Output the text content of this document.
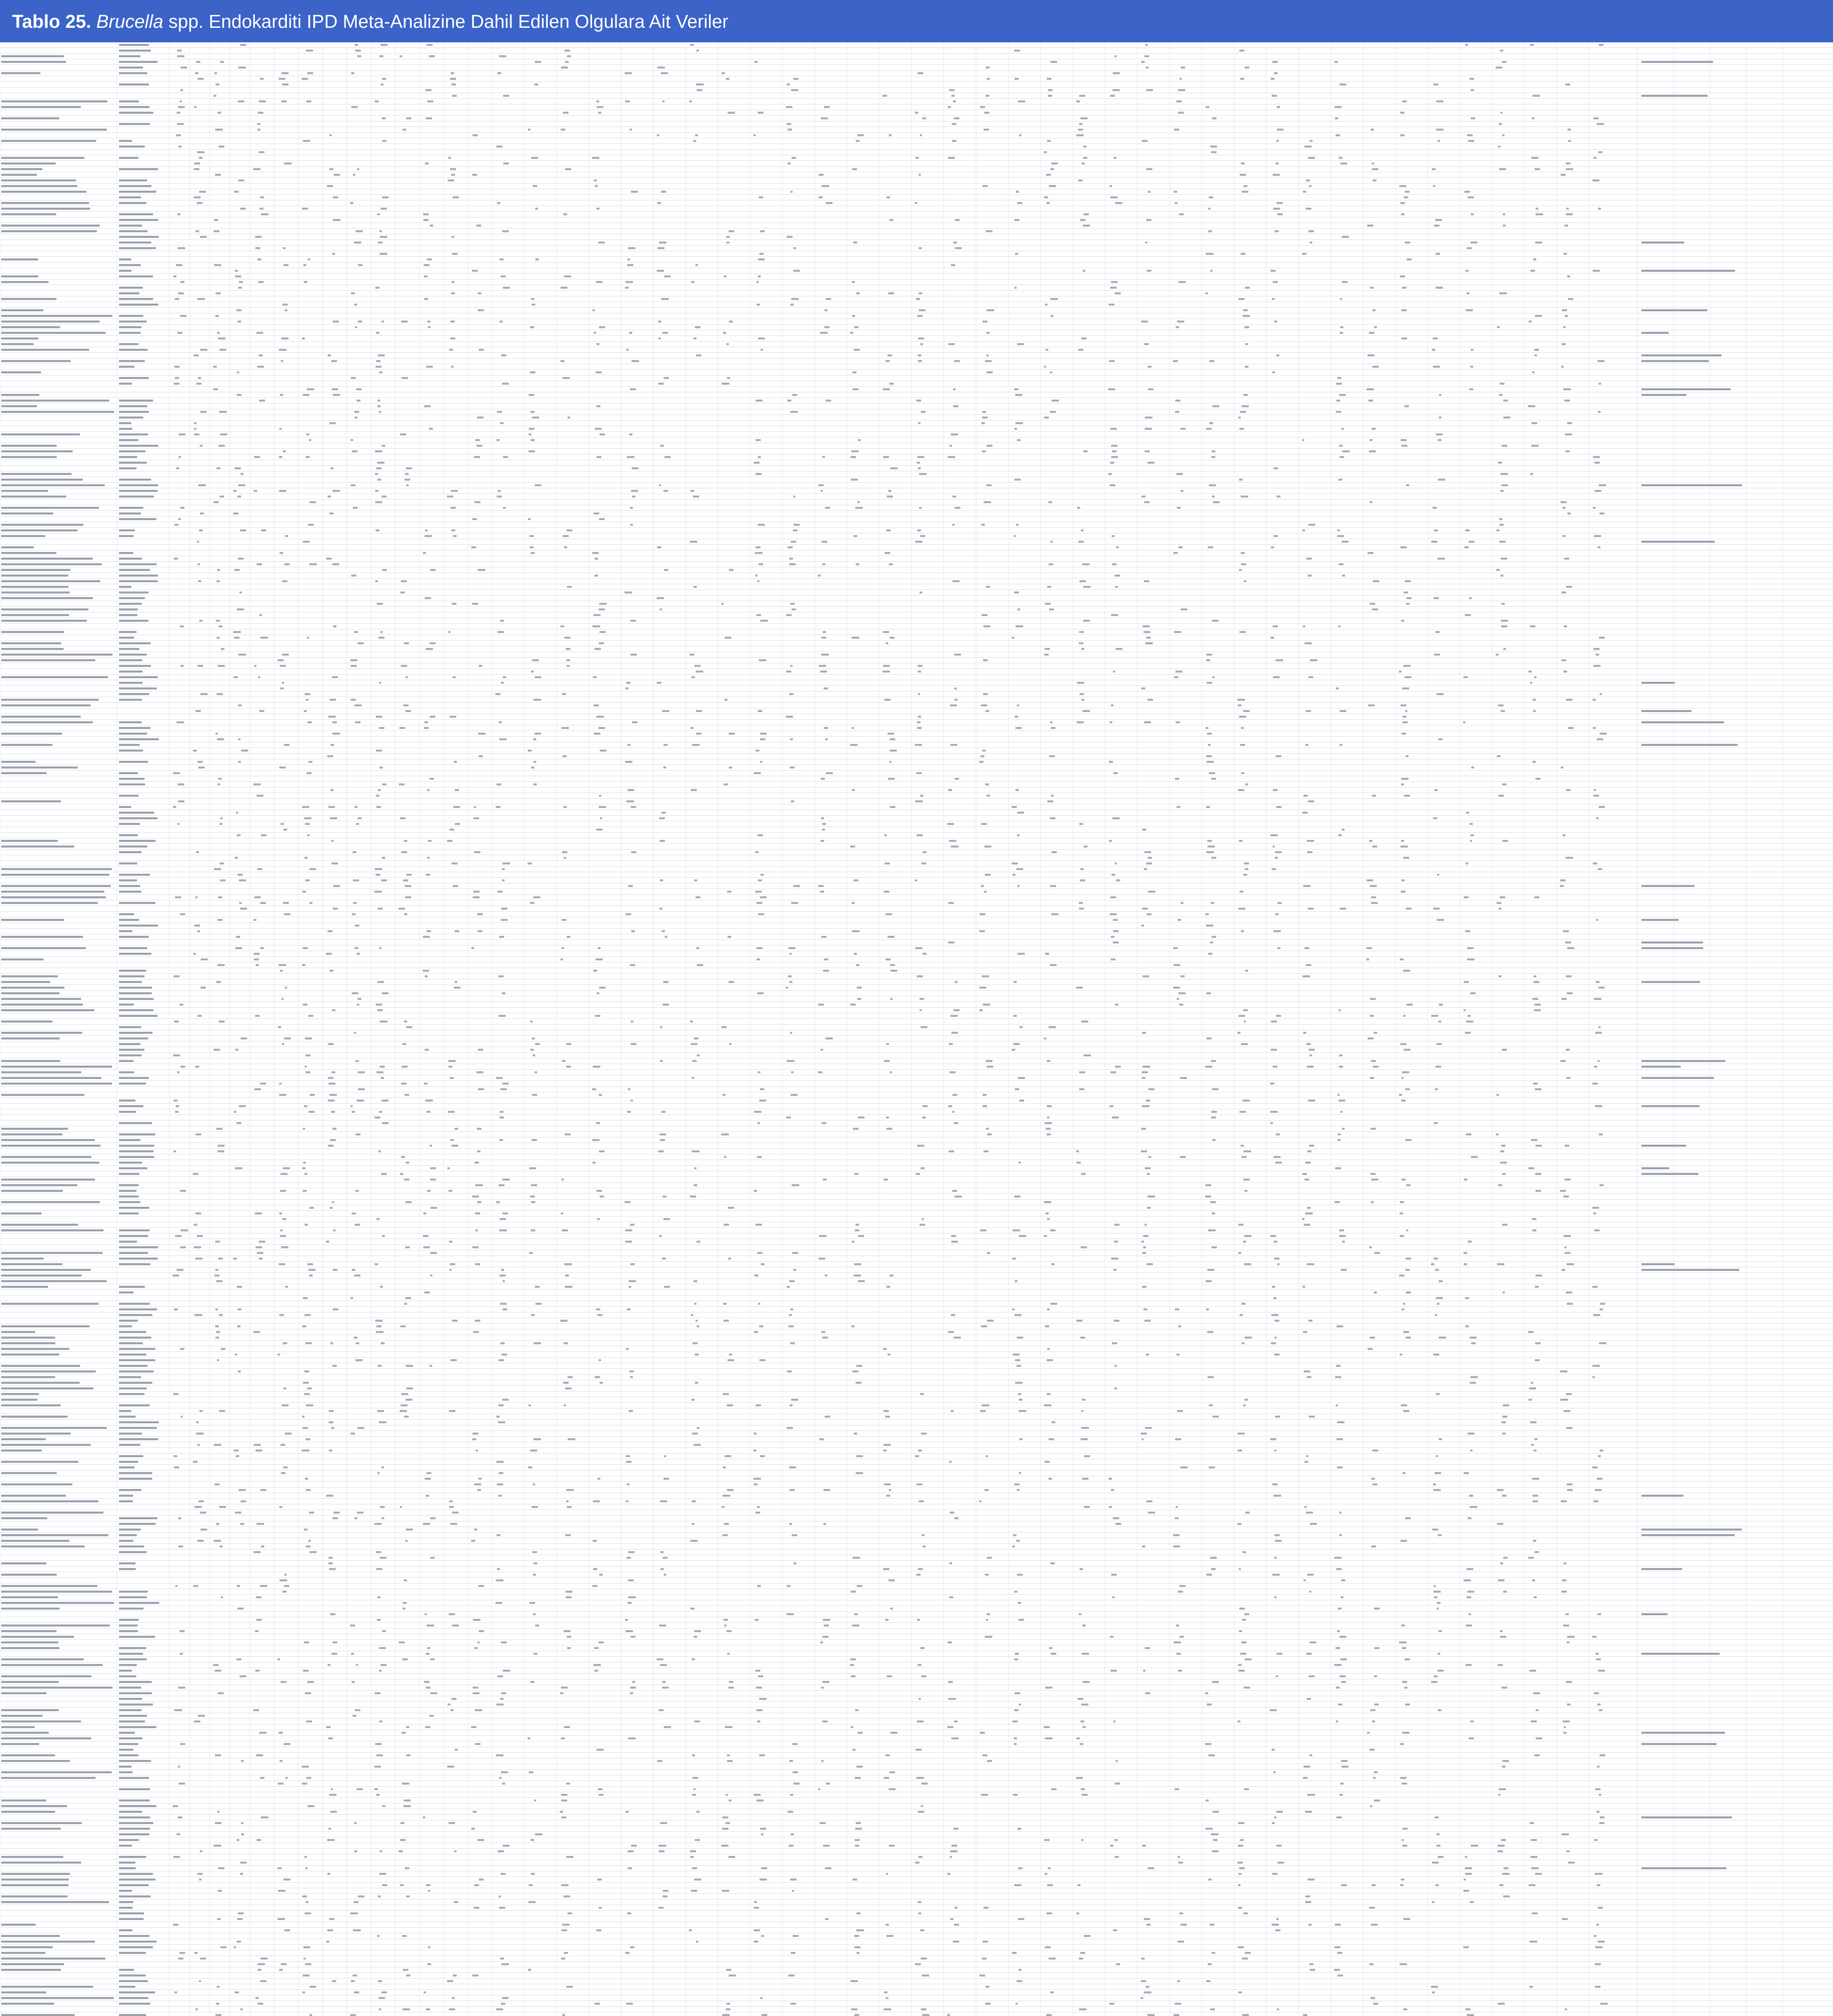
Tablo 25. Brucella spp. Endokarditi IPD Meta-Analizine Dahil Edilen Olgulara Ait Veriler
